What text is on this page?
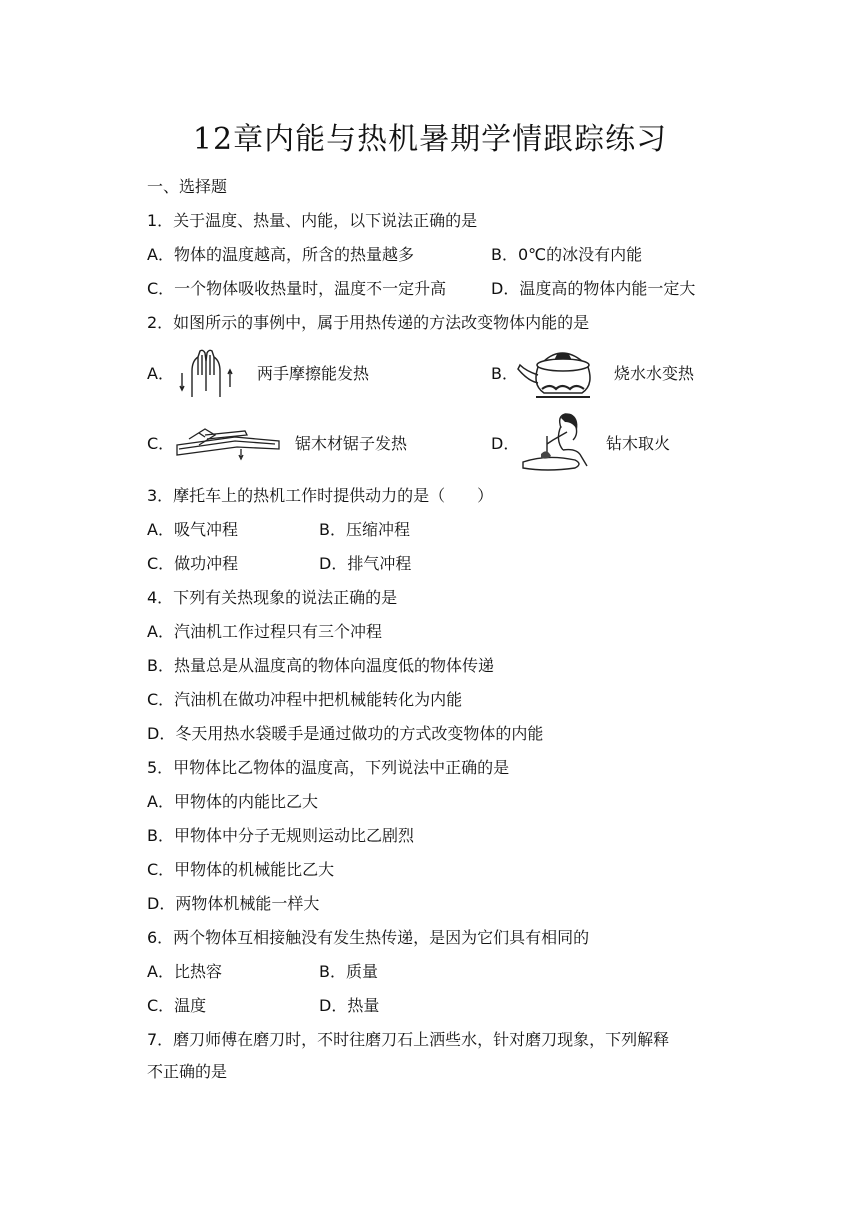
12章内能与热机暑期学情跟踪练习
一、选择题
1．关于温度、热量、内能，以下说法正确的是
A．物体的温度越高，所含的热量越多	B．0℃的冰没有内能
C．一个物体吸收热量时，温度不一定升高	D．温度高的物体内能一定大
2．如图所示的事例中，属于用热传递的方法改变物体内能的是
A．	两手摩擦能发热	B．	烧水水变热
C．	锯木材锯子发热	D．	钻木取火
3．摩托车上的热机工作时提供动力的是（　　）
A．吸气冲程	B．压缩冲程
C．做功冲程	D．排气冲程
4．下列有关热现象的说法正确的是
A．汽油机工作过程只有三个冲程
B．热量总是从温度高的物体向温度低的物体传递
C．汽油机在做功冲程中把机械能转化为内能
D．冬天用热水袋暖手是通过做功的方式改变物体的内能
5．甲物体比乙物体的温度高，下列说法中正确的是
A．甲物体的内能比乙大
B．甲物体中分子无规则运动比乙剧烈
C．甲物体的机械能比乙大
D．两物体机械能一样大
6．两个物体互相接触没有发生热传递，是因为它们具有相同的
A．比热容	B．质量
C．温度	D．热量
7．磨刀师傅在磨刀时，不时往磨刀石上洒些水，针对磨刀现象，下列解释
不正确的是
